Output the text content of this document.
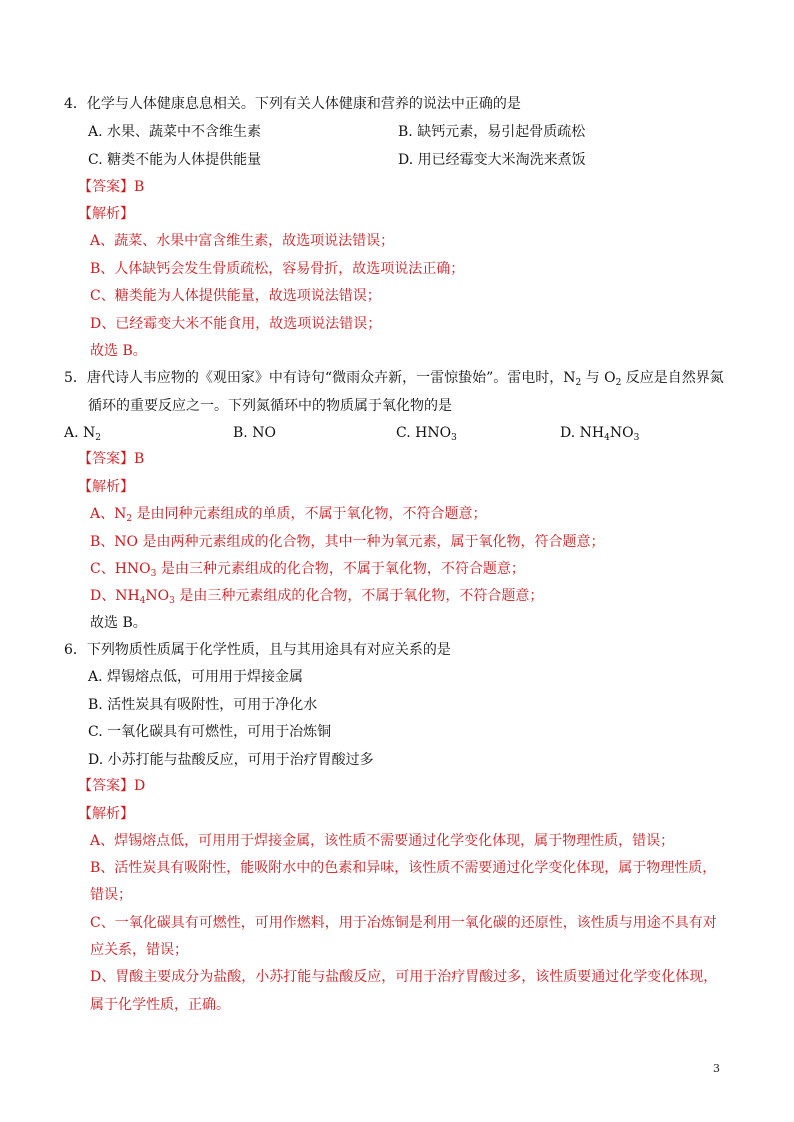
4．化学与人体健康息息相关。下列有关人体健康和营养的说法中正确的是
A. 水果、蔬菜中不含维生素	B. 缺钙元素，易引起骨质疏松
C. 糖类不能为人体提供能量	D. 用已经霉变大米淘洗来煮饭
【答案】B
【解析】
A、蔬菜、水果中富含维生素，故选项说法错误；
B、人体缺钙会发生骨质疏松，容易骨折，故选项说法正确；
C、糖类能为人体提供能量，故选项说法错误；
D、已经霉变大米不能食用，故选项说法错误；
故选 B。
5．唐代诗人韦应物的《观田家》中有诗句“微雨众卉新，一雷惊蛰始”。雷电时，$N_2$ 与 $O_2$ 反应是自然界氮
循环的重要反应之一。下列氮循环中的物质属于氧化物的是
A. $N_2$	B. NO	C. $HNO_3$	D. $NH_4NO_3$
【答案】B
【解析】
A、$N_2$ 是由同种元素组成的单质，不属于氧化物，不符合题意；
B、NO 是由两种元素组成的化合物，其中一种为氧元素，属于氧化物，符合题意；
C、$HNO_3$ 是由三种元素组成的化合物，不属于氧化物，不符合题意；
D、$NH_4NO_3$ 是由三种元素组成的化合物，不属于氧化物，不符合题意；
故选 B。
6．下列物质性质属于化学性质，且与其用途具有对应关系的是
A. 焊锡熔点低，可用用于焊接金属
B. 活性炭具有吸附性，可用于净化水
C. 一氧化碳具有可燃性，可用于冶炼铜
D. 小苏打能与盐酸反应，可用于治疗胃酸过多
【答案】D
【解析】
A、焊锡熔点低，可用用于焊接金属，该性质不需要通过化学变化体现，属于物理性质，错误；
B、活性炭具有吸附性，能吸附水中的色素和异味，该性质不需要通过化学变化体现，属于物理性质，
错误；
C、一氧化碳具有可燃性，可用作燃料，用于冶炼铜是利用一氧化碳的还原性，该性质与用途不具有对
应关系，错误；
D、胃酸主要成分为盐酸，小苏打能与盐酸反应，可用于治疗胃酸过多，该性质要通过化学变化体现，
属于化学性质，正确。
3
